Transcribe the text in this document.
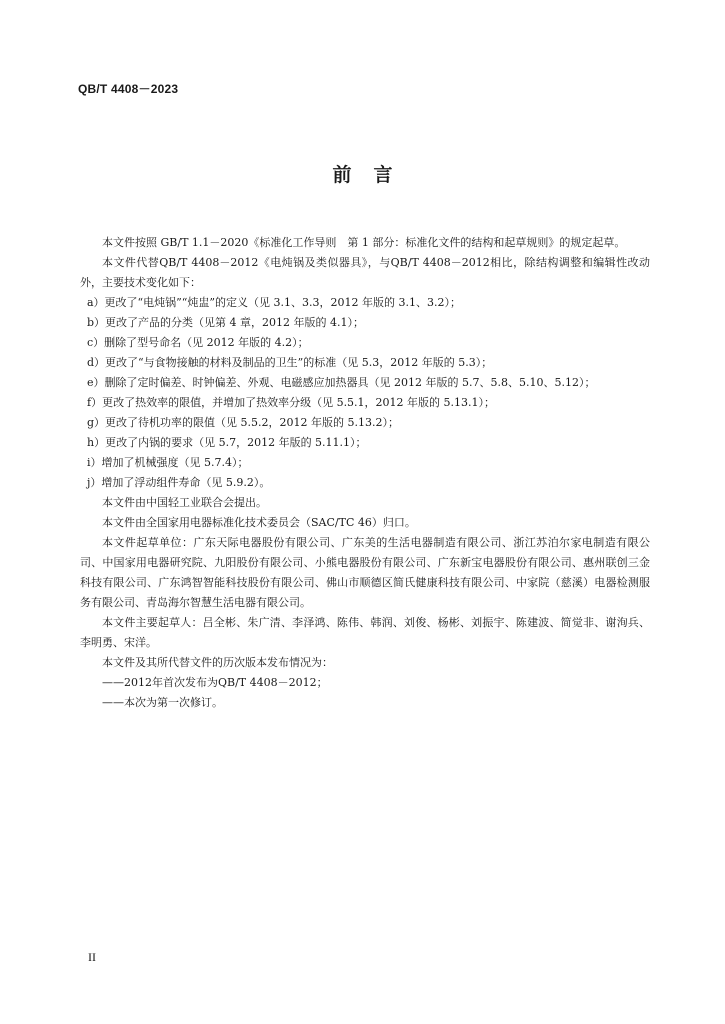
QB/T 4408－2023
前言

本文件按照 GB/T 1.1－2020《标准化工作导则　第 1 部分：标准化文件的结构和起草规则》的规定起草。

本文件代替QB/T 4408－2012《电炖锅及类似器具》，与QB/T 4408－2012相比，除结构调整和编辑性改动外，主要技术变化如下：

a）更改了“电炖锅”“炖盅”的定义（见 3.1、3.3，2012 年版的 3.1、3.2）；

b）更改了产品的分类（见第 4 章，2012 年版的 4.1）；

c）删除了型号命名（见 2012 年版的 4.2）；

d）更改了“与食物接触的材料及制品的卫生”的标准（见 5.3，2012 年版的 5.3）；

e）删除了定时偏差、时钟偏差、外观、电磁感应加热器具（见 2012 年版的 5.7、5.8、5.10、5.12）；

f）更改了热效率的限值，并增加了热效率分级（见 5.5.1，2012 年版的 5.13.1）；

g）更改了待机功率的限值（见 5.5.2，2012 年版的 5.13.2）；

h）更改了内锅的要求（见 5.7，2012 年版的 5.11.1）；

i）增加了机械强度（见 5.7.4）；

j）增加了浮动组件寿命（见 5.9.2）。

本文件由中国轻工业联合会提出。

本文件由全国家用电器标准化技术委员会（SAC/TC 46）归口。

本文件起草单位：广东天际电器股份有限公司、广东美的生活电器制造有限公司、浙江苏泊尔家电制造有限公司、中国家用电器研究院、九阳股份有限公司、小熊电器股份有限公司、广东新宝电器股份有限公司、惠州联创三金科技有限公司、广东鸿智智能科技股份有限公司、佛山市顺德区简氏健康科技有限公司、中家院（慈溪）电器检测服务有限公司、青岛海尔智慧生活电器有限公司。

本文件主要起草人：吕全彬、朱广清、李泽鸿、陈伟、韩润、刘俊、杨彬、刘振宇、陈建波、简觉非、谢洵兵、李明勇、宋洋。

本文件及其所代替文件的历次版本发布情况为：

——2012年首次发布为QB/T 4408－2012；

——本次为第一次修订。

II
